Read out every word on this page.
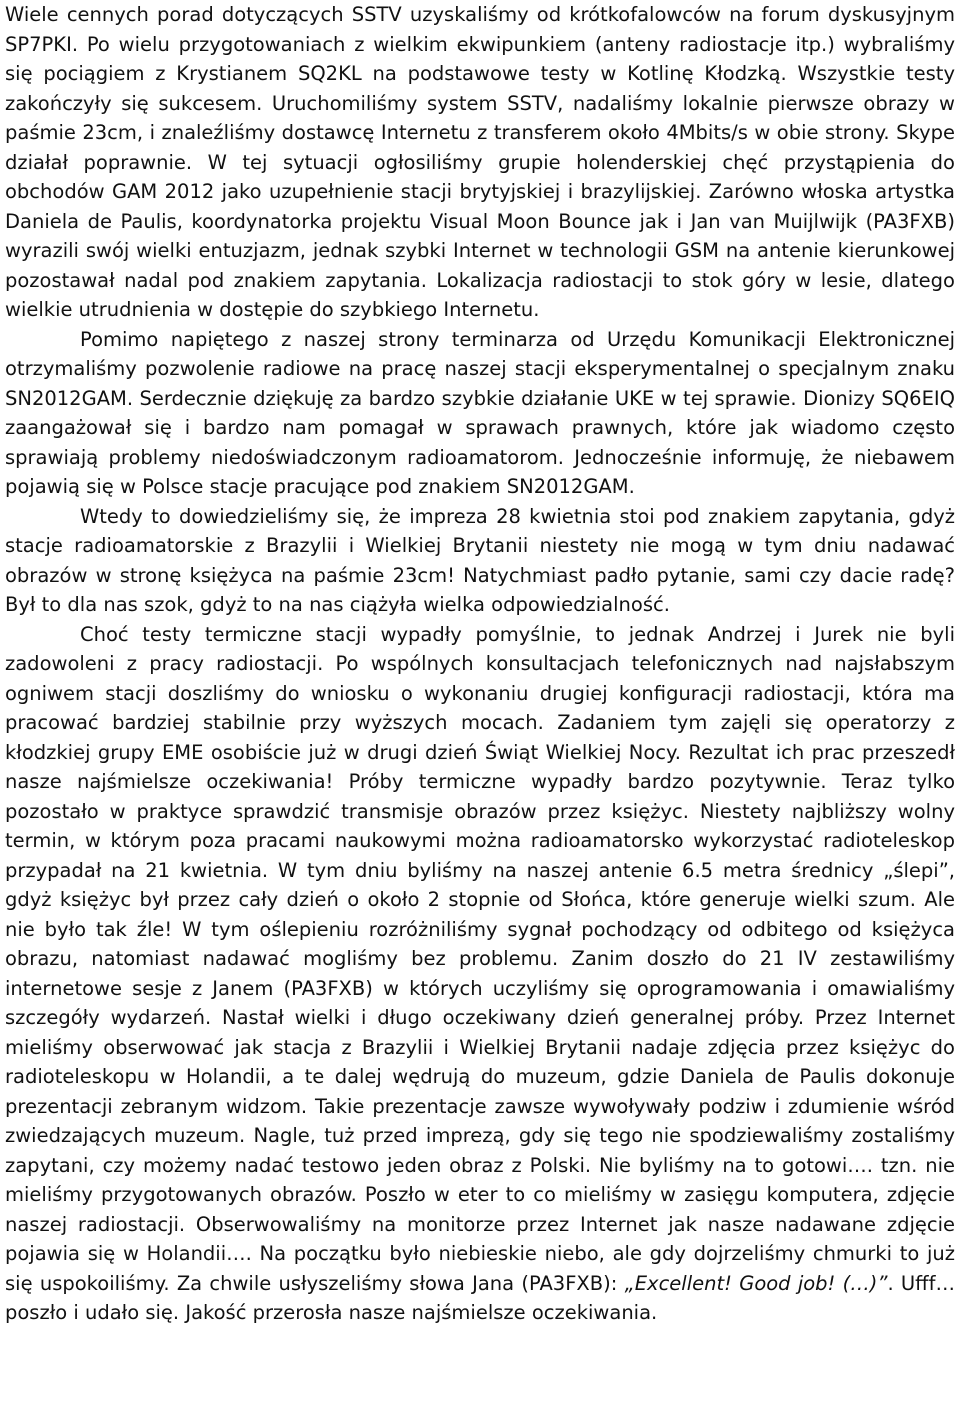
Wiele cennych porad dotyczących SSTV uzyskaliśmy od krótkofalowców na forum dyskusyjnym SP7PKI. Po wielu przygotowaniach z wielkim ekwipunkiem (anteny radiostacje itp.) wybraliśmy się pociągiem z Krystianem SQ2KL na podstawowe testy w Kotlinę Kłodzką. Wszystkie testy zakończyły się sukcesem. Uruchomiliśmy system SSTV, nadaliśmy lokalnie pierwsze obrazy w paśmie 23cm, i znaleźliśmy dostawcę Internetu z transferem około 4Mbits/s w obie strony. Skype działał poprawnie. W tej sytuacji ogłosiliśmy grupie holenderskiej chęć przystąpienia do obchodów GAM 2012 jako uzupełnienie stacji brytyjskiej i brazylijskiej. Zarówno włoska artystka Daniela de Paulis, koordynatorka projektu Visual Moon Bounce jak i Jan van Muijlwijk (PA3FXB) wyrazili swój wielki entuzjazm, jednak szybki Internet w technologii GSM na antenie kierunkowej pozostawał nadal pod znakiem zapytania. Lokalizacja radiostacji to stok góry w lesie, dlatego wielkie utrudnienia w dostępie do szybkiego Internetu.

Pomimo napiętego z naszej strony terminarza od Urzędu Komunikacji Elektronicznej otrzymaliśmy pozwolenie radiowe na pracę naszej stacji eksperymentalnej o specjalnym znaku SN2012GAM. Serdecznie dziękuję za bardzo szybkie działanie UKE w tej sprawie. Dionizy SQ6EIQ zaangażował się i bardzo nam pomagał w sprawach prawnych, które jak wiadomo często sprawiają problemy niedoświadczonym radioamatorom. Jednocześnie informuję, że niebawem pojawią się w Polsce stacje pracujące pod znakiem SN2012GAM.

Wtedy to dowiedzieliśmy się, że impreza 28 kwietnia stoi pod znakiem zapytania, gdyż stacje radioamatorskie z Brazylii i Wielkiej Brytanii niestety nie mogą w tym dniu nadawać obrazów w stronę księżyca na paśmie 23cm! Natychmiast padło pytanie, sami czy dacie radę? Był to dla nas szok, gdyż to na nas ciążyła wielka odpowiedzialność.

Choć testy termiczne stacji wypadły pomyślnie, to jednak Andrzej i Jurek nie byli zadowoleni z pracy radiostacji. Po wspólnych konsultacjach telefonicznych nad najsłabszym ogniwem stacji doszliśmy do wniosku o wykonaniu drugiej konfiguracji radiostacji, która ma pracować bardziej stabilnie przy wyższych mocach. Zadaniem tym zajęli się operatorzy z kłodzkiej grupy EME osobiście już w drugi dzień Świąt Wielkiej Nocy. Rezultat ich prac przeszedł nasze najśmielsze oczekiwania! Próby termiczne wypadły bardzo pozytywnie. Teraz tylko pozostało w praktyce sprawdzić transmisje obrazów przez księżyc. Niestety najbliższy wolny termin, w którym poza pracami naukowymi można radioamatorsko wykorzystać radioteleskop przypadał na 21 kwietnia. W tym dniu byliśmy na naszej antenie 6.5 metra średnicy „ślepi”, gdyż księżyc był przez cały dzień o około 2 stopnie od Słońca, które generuje wielki szum. Ale nie było tak źle! W tym oślepieniu rozróżniliśmy sygnał pochodzący od odbitego od księżyca obrazu, natomiast nadawać mogliśmy bez problemu. Zanim doszło do 21 IV zestawiliśmy internetowe sesje z Janem (PA3FXB) w których uczyliśmy się oprogramowania i omawialiśmy szczegóły wydarzeń. Nastał wielki i długo oczekiwany dzień generalnej próby. Przez Internet mieliśmy obserwować jak stacja z Brazylii i Wielkiej Brytanii nadaje zdjęcia przez księżyc do radioteleskopu w Holandii, a te dalej wędrują do muzeum, gdzie Daniela de Paulis dokonuje prezentacji zebranym widzom. Takie prezentacje zawsze wywoływały podziw i zdumienie wśród zwiedzających muzeum. Nagle, tuż przed imprezą, gdy się tego nie spodziewaliśmy zostaliśmy zapytani, czy możemy nadać testowo jeden obraz z Polski. Nie byliśmy na to gotowi…. tzn. nie mieliśmy przygotowanych obrazów. Poszło w eter to co mieliśmy w zasięgu komputera, zdjęcie naszej radiostacji. Obserwowaliśmy na monitorze przez Internet jak nasze nadawane zdjęcie pojawia się w Holandii…. Na początku było niebieskie niebo, ale gdy dojrzeliśmy chmurki to już się uspokoiliśmy. Za chwile usłyszeliśmy słowa Jana (PA3FXB): „Excellent! Good job! (…)”. Ufff… poszło i udało się. Jakość przerosła nasze najśmielsze oczekiwania.
